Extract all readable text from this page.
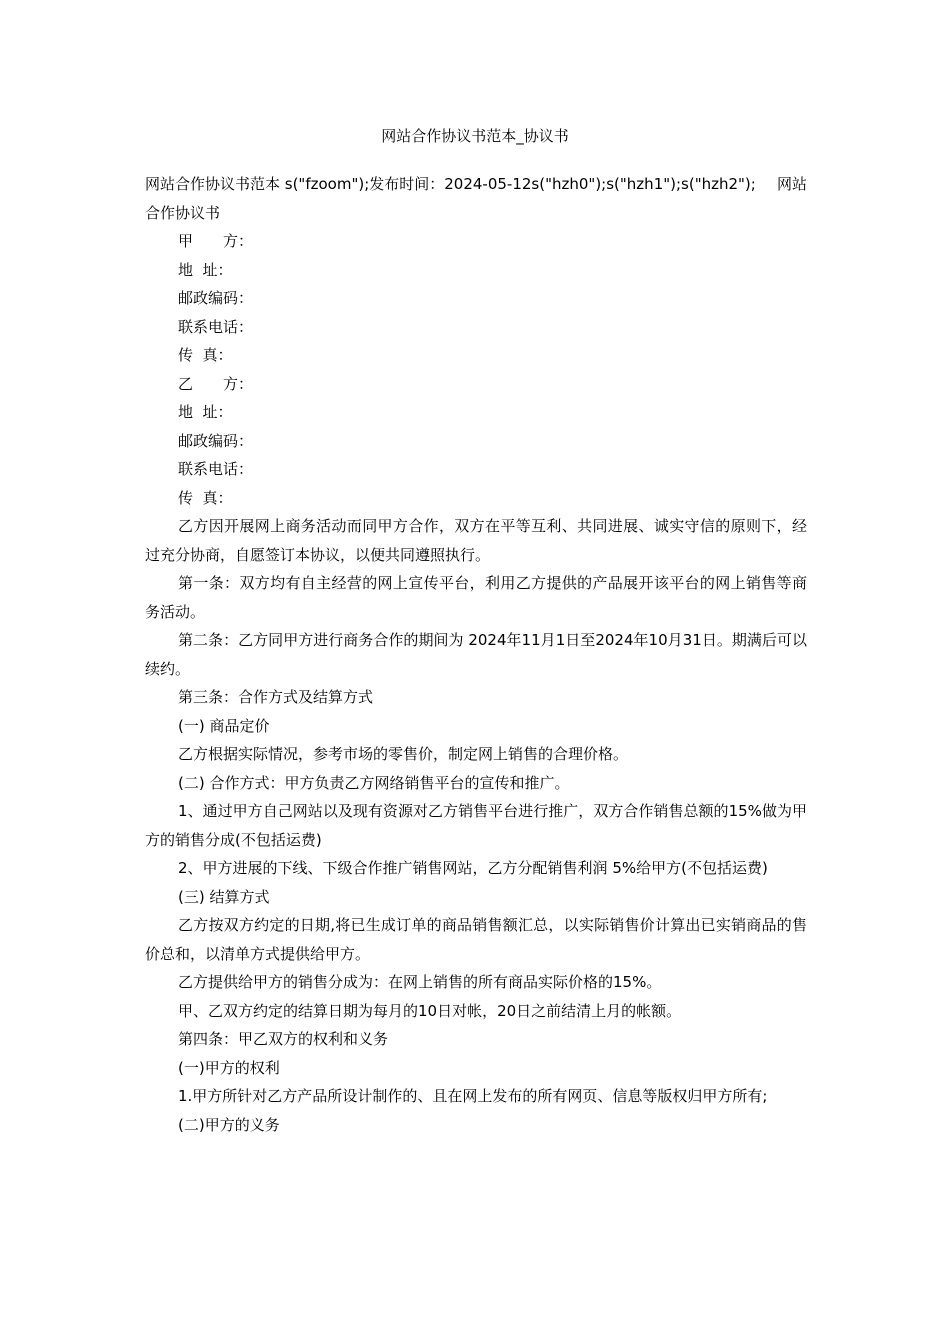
网站合作协议书范本_协议书
网站合作协议书范本 s("fzoom");发布时间：2024-05-12s("hzh0");s("hzh1");s("hzh2"); 网站

合作协议书

甲　　方：

地  址：

邮政编码：

联系电话：

传  真：

乙　　方：

地  址：

邮政编码：

联系电话：

传  真：

乙方因开展网上商务活动而同甲方合作，双方在平等互利、共同进展、诚实守信的原则下，经过充分协商，自愿签订本协议，以便共同遵照执行。

第一条：双方均有自主经营的网上宣传平台，利用乙方提供的产品展开该平台的网上销售等商务活动。

第二条：乙方同甲方进行商务合作的期间为 2024年11月1日至2024年10月31日。期满后可以续约。

第三条：合作方式及结算方式

(一) 商品定价

乙方根据实际情况，参考市场的零售价，制定网上销售的合理价格。

(二) 合作方式：甲方负责乙方网络销售平台的宣传和推广。

1、通过甲方自己网站以及现有资源对乙方销售平台进行推广，双方合作销售总额的15%做为甲方的销售分成(不包括运费)

2、甲方进展的下线、下级合作推广销售网站，乙方分配销售利润 5%给甲方(不包括运费)

(三) 结算方式

乙方按双方约定的日期,将已生成订单的商品销售额汇总，以实际销售价计算出已实销商品的售价总和，以清单方式提供给甲方。

乙方提供给甲方的销售分成为：在网上销售的所有商品实际价格的15%。

甲、乙双方约定的结算日期为每月的10日对帐，20日之前结清上月的帐额。

第四条：甲乙双方的权利和义务

(一)甲方的权利

1.甲方所针对乙方产品所设计制作的、且在网上发布的所有网页、信息等版权归甲方所有;

(二)甲方的义务
